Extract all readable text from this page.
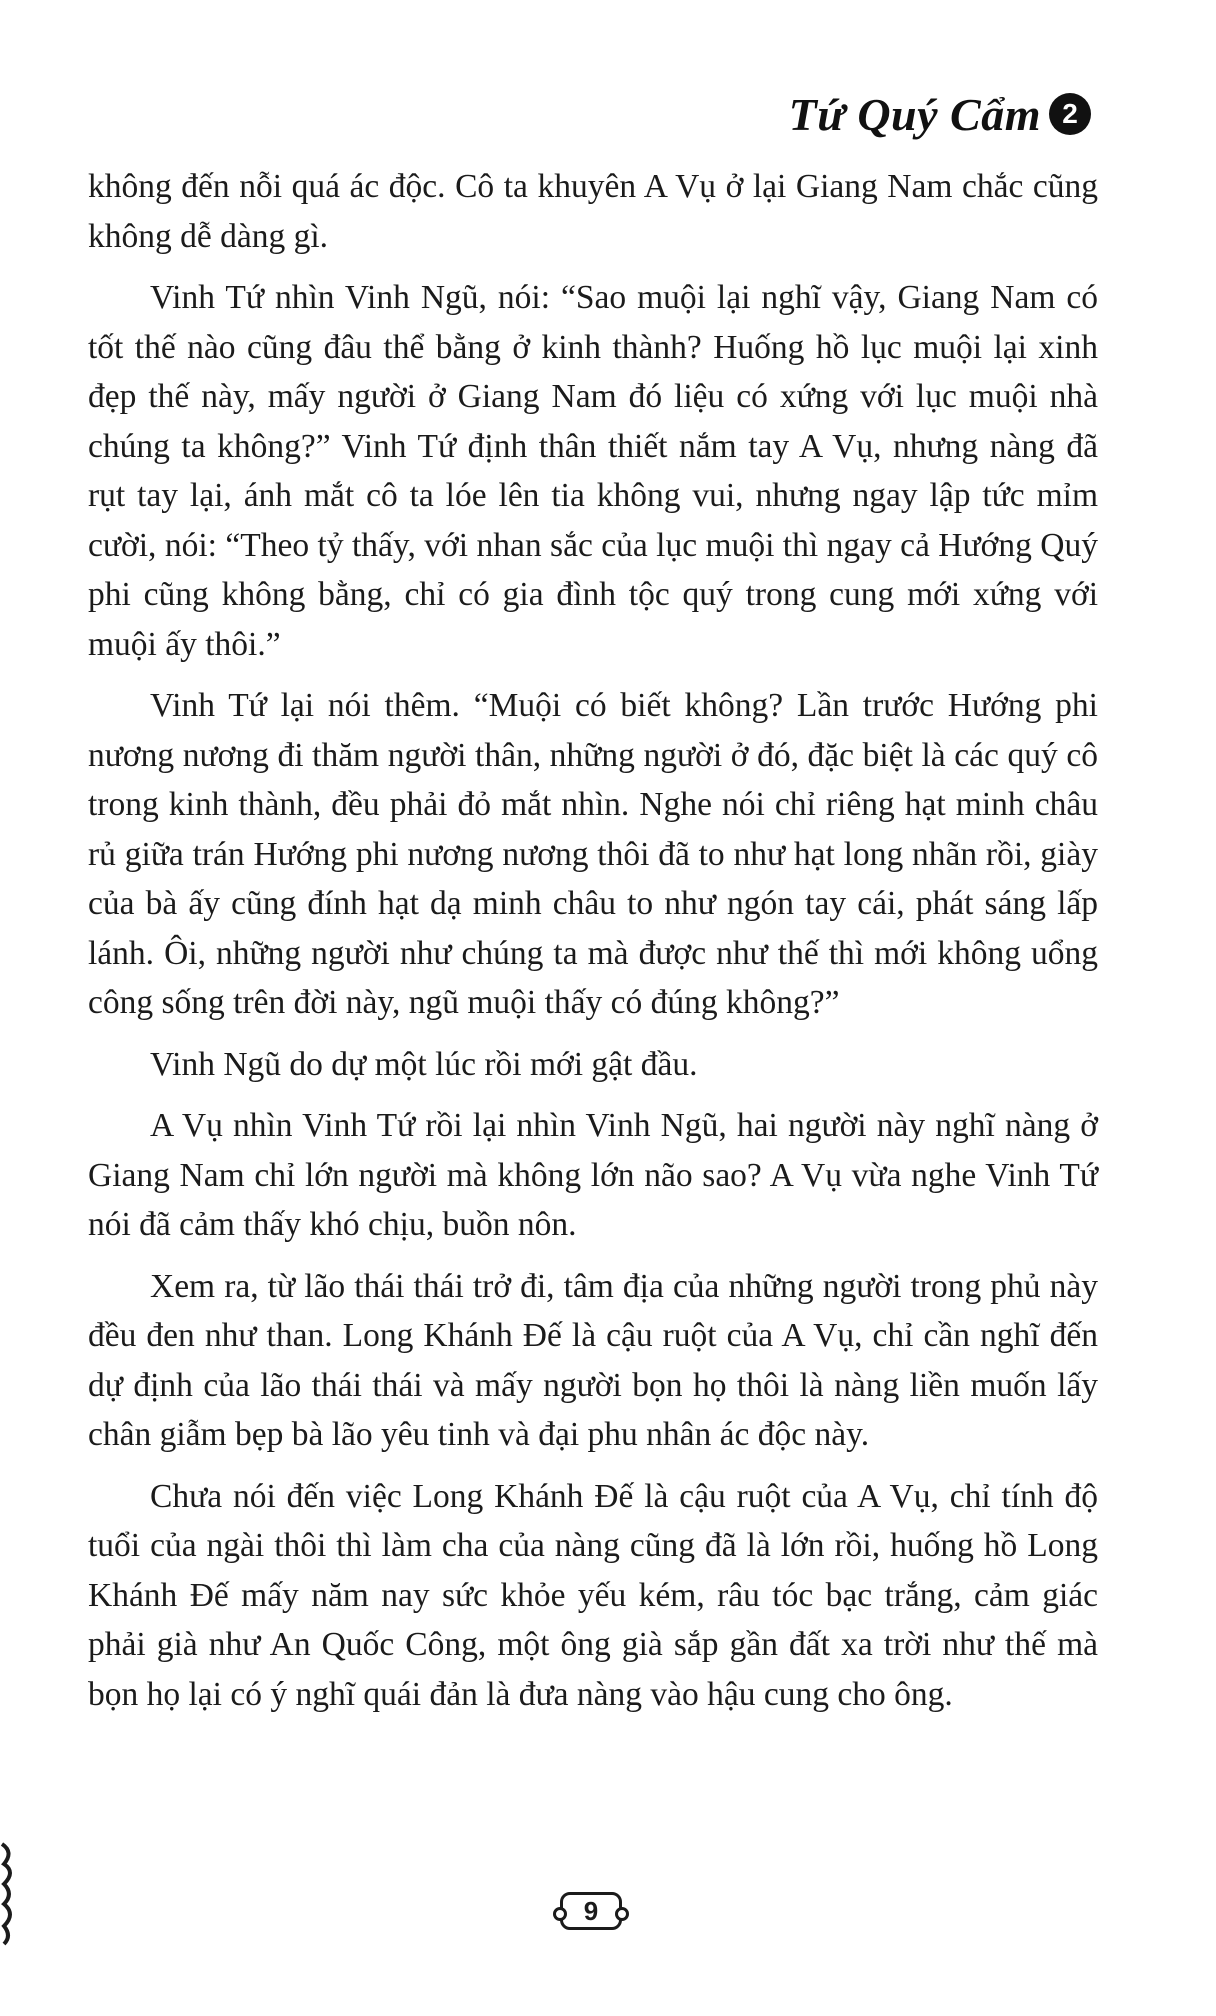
Tứ Quý Cẩm 2

không đến nỗi quá ác độc. Cô ta khuyên A Vụ ở lại Giang Nam chắc cũng không dễ dàng gì.

Vinh Tứ nhìn Vinh Ngũ, nói: “Sao muội lại nghĩ vậy, Giang Nam có tốt thế nào cũng đâu thể bằng ở kinh thành? Huống hồ lục muội lại xinh đẹp thế này, mấy người ở Giang Nam đó liệu có xứng với lục muội nhà chúng ta không?” Vinh Tứ định thân thiết nắm tay A Vụ, nhưng nàng đã rụt tay lại, ánh mắt cô ta lóe lên tia không vui, nhưng ngay lập tức mỉm cười, nói: “Theo tỷ thấy, với nhan sắc của lục muội thì ngay cả Hướng Quý phi cũng không bằng, chỉ có gia đình tộc quý trong cung mới xứng với muội ấy thôi.”

Vinh Tứ lại nói thêm. “Muội có biết không? Lần trước Hướng phi nương nương đi thăm người thân, những người ở đó, đặc biệt là các quý cô trong kinh thành, đều phải đỏ mắt nhìn. Nghe nói chỉ riêng hạt minh châu rủ giữa trán Hướng phi nương nương thôi đã to như hạt long nhãn rồi, giày của bà ấy cũng đính hạt dạ minh châu to như ngón tay cái, phát sáng lấp lánh. Ôi, những người như chúng ta mà được như thế thì mới không uổng công sống trên đời này, ngũ muội thấy có đúng không?”

Vinh Ngũ do dự một lúc rồi mới gật đầu.

A Vụ nhìn Vinh Tứ rồi lại nhìn Vinh Ngũ, hai người này nghĩ nàng ở Giang Nam chỉ lớn người mà không lớn não sao? A Vụ vừa nghe Vinh Tứ nói đã cảm thấy khó chịu, buồn nôn.

Xem ra, từ lão thái thái trở đi, tâm địa của những người trong phủ này đều đen như than. Long Khánh Đế là cậu ruột của A Vụ, chỉ cần nghĩ đến dự định của lão thái thái và mấy người bọn họ thôi là nàng liền muốn lấy chân giẫm bẹp bà lão yêu tinh và đại phu nhân ác độc này.

Chưa nói đến việc Long Khánh Đế là cậu ruột của A Vụ, chỉ tính độ tuổi của ngài thôi thì làm cha của nàng cũng đã là lớn rồi, huống hồ Long Khánh Đế mấy năm nay sức khỏe yếu kém, râu tóc bạc trắng, cảm giác phải già như An Quốc Công, một ông già sắp gần đất xa trời như thế mà bọn họ lại có ý nghĩ quái đản là đưa nàng vào hậu cung cho ông.

9
